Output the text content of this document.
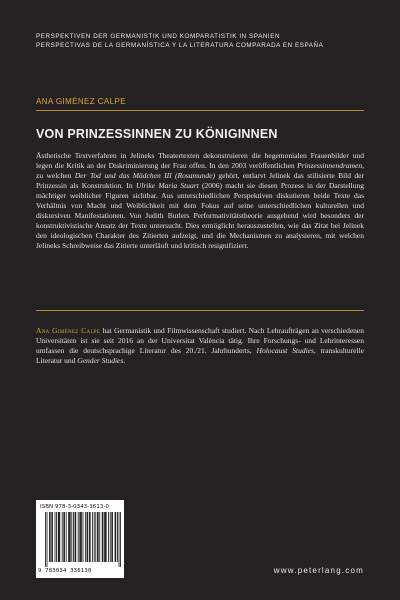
PERSPEKTIVEN DER GERMANISTIK UND KOMPARATISTIK IN SPANIEN
PERSPECTIVAS DE LA GERMANÍSTICA Y LA LITERATURA COMPARADA EN ESPAÑA
ANA GIMÉNEZ CALPE
VON PRINZESSINNEN ZU KÖNIGINNEN

Ästhetische Textverfahren in Jelineks Theatertexten dekonstruieren die hegemonialen Frauenbilder und legen die Kritik an der Diskriminierung der Frau offen. In den 2003 veröffentlichen Prinzessinnendramen, zu welchen Der Tod und das Mädchen III (Rosamunde) gehört, entlarvt Jelinek das stilisierte Bild der Prinzessin als Konstruktion. In Ulrike Maria Stuart (2006) macht sie diesen Prozess in der Darstellung mächtiger weiblicher Figuren sichtbar. Aus unterschiedlichen Perspektiven diskutieren beide Texte das Verhältnis von Macht und Weiblichkeit mit dem Fokus auf seine unterschiedlichen kulturellen und diskursiven Manifestationen. Von Judith Butlers Performativitätstheorie ausgehend wird besonders der konstruktivistische Ansatz der Texte untersucht. Dies ermöglicht herauszustellen, wie das Zitat bei Jelinek den ideologischen Charakter des Zitierten aufzeigt, und die Mechanismen zu analysieren, mit welchen Jelineks Schreibweise das Zitierte unterläuft und kritisch resignifiziert.

Ana Giménez Calpe hat Germanistik und Filmwissenschaft studiert. Nach Lehraufträgen an verschiedenen Universitäten ist sie seit 2016 an der Universitat València tätig. Ihre Forschungs- und Lehrinteressen umfassen die deutschsprachige Literatur des 20./21. Jahrhunderts, Holocaust Studies, transkulturelle Literatur und Gender Studies.

ISBN 978-3-0343-3613-0
9 783034 336130	www.peterlang.com
